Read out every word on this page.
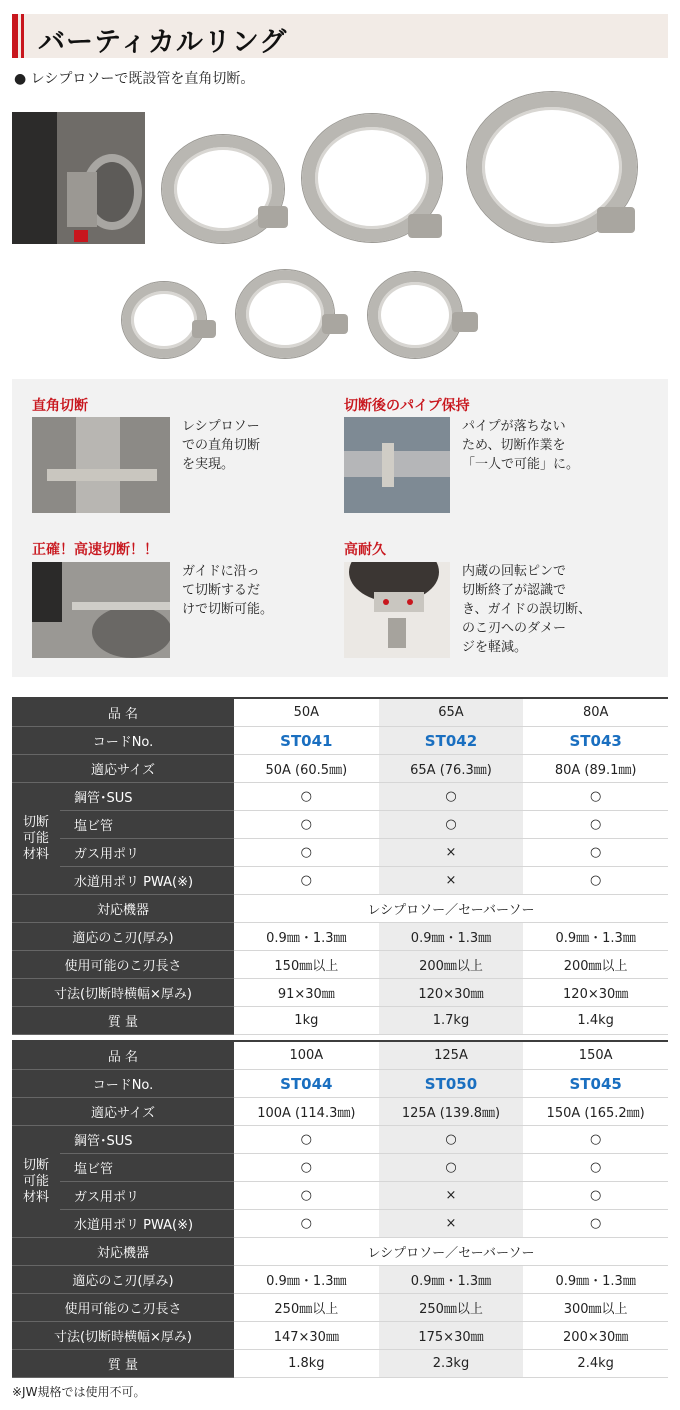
バーティカルリング
● レシプロソーで既設管を直角切断。
直角切断
レシプロソー
での直角切断
を実現。
切断後のパイプ保持
パイプが落ちない
ため、切断作業を
「一人で可能」に。
正確！高速切断！！
ガイドに沿っ
て切断するだ
けで切断可能。
高耐久
内蔵の回転ピンで
切断終了が認識で
き、ガイドの誤切断、
のこ刃へのダメー
ジを軽減。
品 名		50A	65A	80A
コードNo.		ST041	ST042	ST043
適応サイズ		50A (60.5㎜)	65A (76.3㎜)	80A (89.1㎜)

切断
可能
材料	鋼管･SUS	○	○	○
	塩ビ管	○	○	○
	ガス用ポリ	○	×	○
	水道用ポリ PWA(※)	○	×	○
対応機器		レシプロソー／セーバーソー		
適応のこ刃(厚み)		0.9㎜・1.3㎜	0.9㎜・1.3㎜	0.9㎜・1.3㎜
使用可能のこ刃長さ		150㎜以上	200㎜以上	200㎜以上
寸法(切断時横幅×厚み)		91×30㎜	120×30㎜	120×30㎜
質 量		1kg	1.7kg	1.4kg
品 名		100A	125A	150A
コードNo.		ST044	ST050	ST045
適応サイズ		100A (114.3㎜)	125A (139.8㎜)	150A (165.2㎜)

切断
可能
材料	鋼管･SUS	○	○	○
	塩ビ管	○	○	○
	ガス用ポリ	○	×	○
	水道用ポリ PWA(※)	○	×	○
対応機器		レシプロソー／セーバーソー		
適応のこ刃(厚み)		0.9㎜・1.3㎜	0.9㎜・1.3㎜	0.9㎜・1.3㎜
使用可能のこ刃長さ		250㎜以上	250㎜以上	300㎜以上
寸法(切断時横幅×厚み)		147×30㎜	175×30㎜	200×30㎜
質 量		1.8kg	2.3kg	2.4kg
※JW規格では使用不可。
